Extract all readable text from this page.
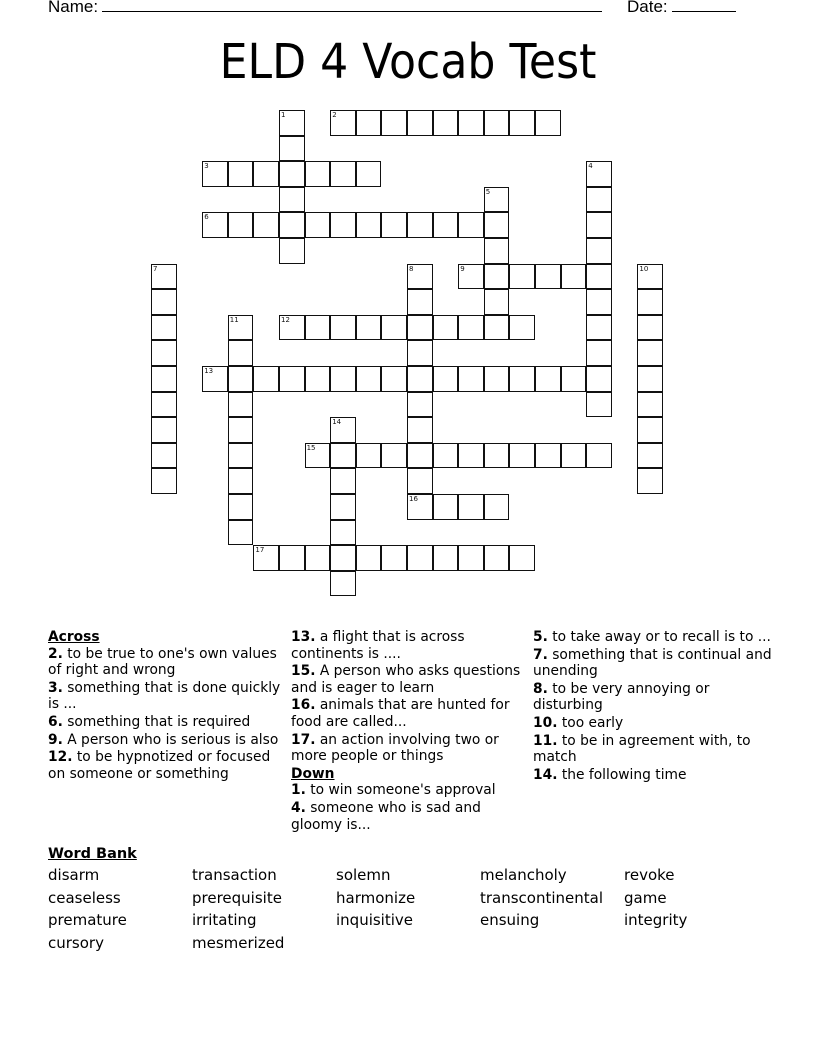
Name:	Date:
ELD 4 Vocab Test
1	2
3	4
5
6
7	8
16
9	10
11	12
13
14
15
17
Across
2. to be true to one's own values of right and wrong
3. something that is done quickly is ...
6. something that is required
9. A person who is serious is also
12. to be hypnotized or focused on someone or something
13. a flight that is across continents is ....
15. A person who asks questions and is eager to learn
16. animals that are hunted for food are called...
17. an action involving two or more people or things
Down
1. to win someone's approval
4. someone who is sad and gloomy is...
5. to take away or to recall is to ...
7. something that is continual and unending
8. to be very annoying or disturbing
10. too early
11. to be in agreement with, to match
14. the following time
Word Bank
disarm	transaction	solemn	melancholy	revoke
ceaseless	prerequisite	harmonize	transcontinental	game
premature	irritating	inquisitive	ensuing	integrity
cursory	mesmerized
